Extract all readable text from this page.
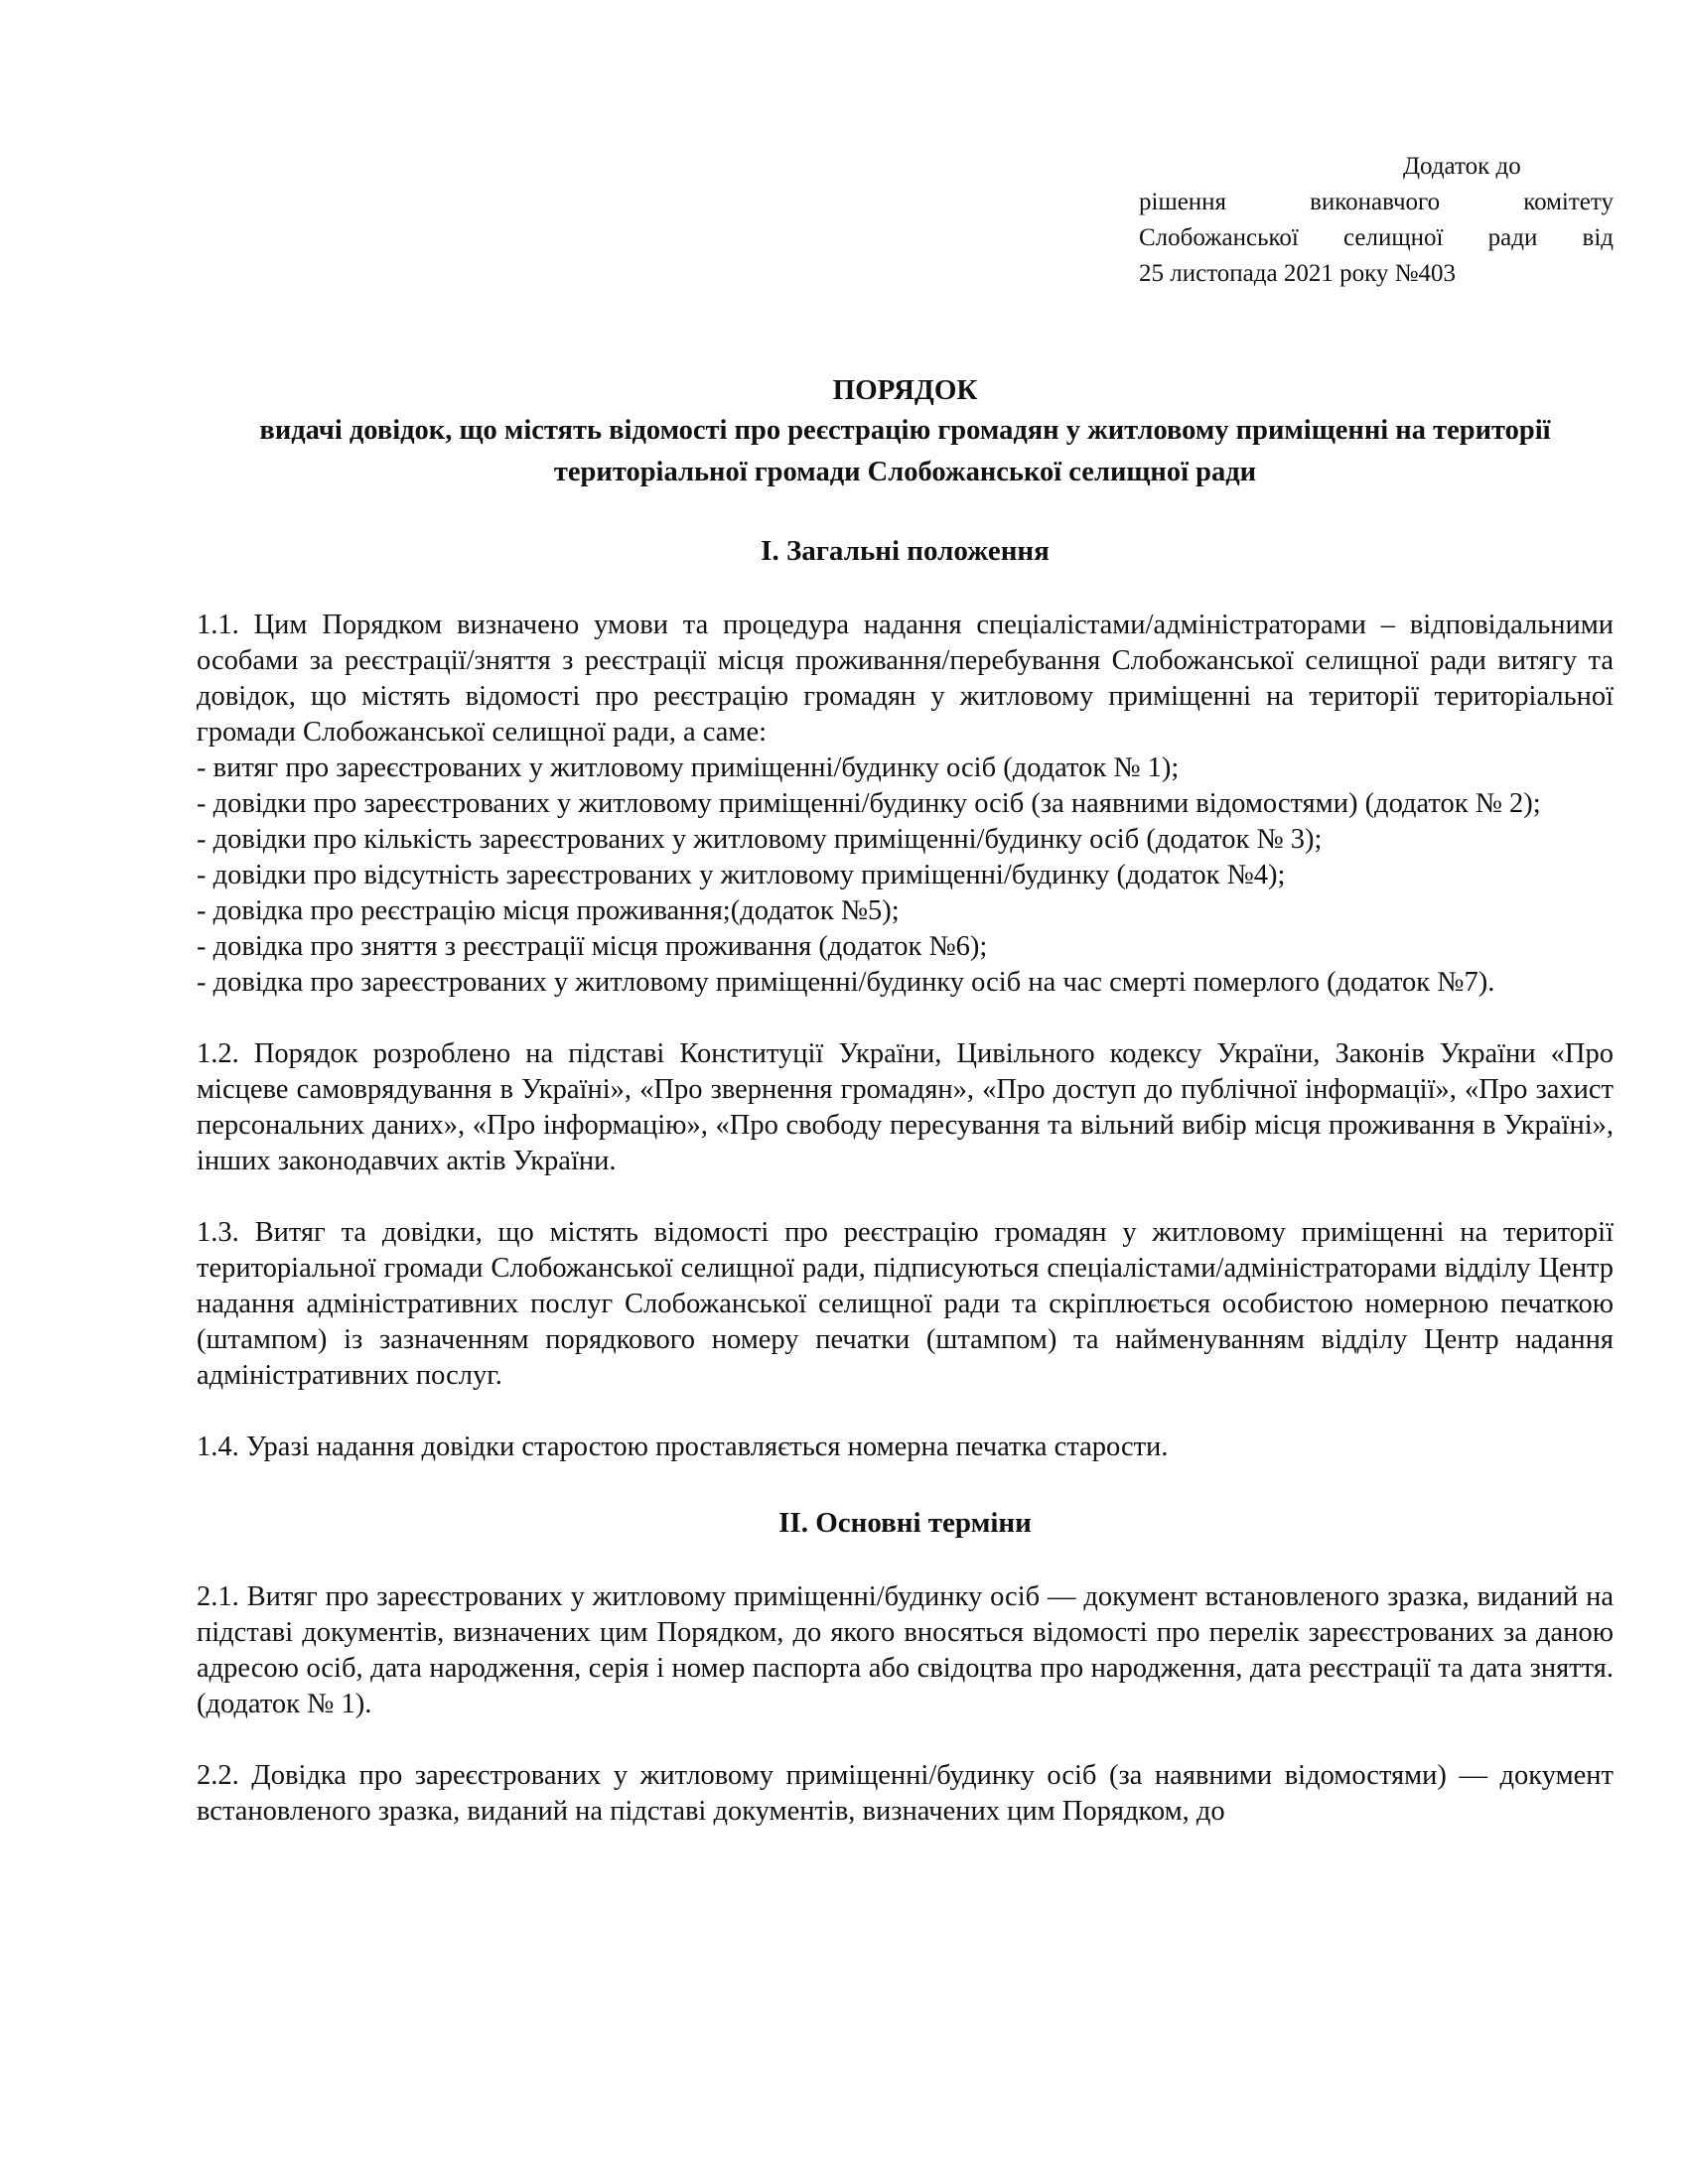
Додаток до
рішення виконавчого комітету
Слобожанської селищної ради від
25 листопада 2021 року №403

ПОРЯДОК

видачі довідок, що містять відомості про реєстрацію громадян у житловому приміщенні на території територіальної громади Слобожанської селищної ради

І. Загальні положення

1.1. Цим Порядком визначено умови та процедура надання спеціалістами/адміністраторами – відповідальними особами за реєстрації/зняття з реєстрації місця проживання/перебування Слобожанської селищної ради витягу та довідок, що містять відомості про реєстрацію громадян у житловому приміщенні на території територіальної громади Слобожанської селищної ради, а саме:

- витяг про зареєстрованих у житловому приміщенні/будинку осіб (додаток № 1);

- довідки про зареєстрованих у житловому приміщенні/будинку осіб (за наявними відомостями) (додаток № 2);

- довідки про кількість зареєстрованих у житловому приміщенні/будинку осіб (додаток № 3);

- довідки про відсутність зареєстрованих у житловому приміщенні/будинку (додаток №4);

- довідка про реєстрацію місця проживання;(додаток №5);

- довідка про зняття з реєстрації місця проживання (додаток №6);

- довідка про зареєстрованих у житловому приміщенні/будинку осіб на час смерті померлого (додаток №7).

1.2. Порядок розроблено на підставі Конституції України, Цивільного кодексу України, Законів України «Про місцеве самоврядування в Україні», «Про звернення громадян», «Про доступ до публічної інформації», «Про захист персональних даних», «Про інформацію», «Про свободу пересування та вільний вибір місця проживання в Україні», інших законодавчих актів України.

1.3. Витяг та довідки, що містять відомості про реєстрацію громадян у житловому приміщенні на території територіальної громади Слобожанської селищної ради, підписуються спеціалістами/адміністраторами відділу Центр надання адміністративних послуг Слобожанської селищної ради та скріплюється особистою номерною печаткою (штампом) із зазначенням порядкового номеру печатки (штампом) та найменуванням відділу Центр надання адміністративних послуг.

1.4. Уразі надання довідки старостою проставляється номерна печатка старости.

ІІ. Основні терміни

2.1. Витяг про зареєстрованих у житловому приміщенні/будинку осіб — документ встановленого зразка, виданий на підставі документів, визначених цим Порядком, до якого вносяться відомості про перелік зареєстрованих за даною адресою осіб, дата народження, серія і номер паспорта або свідоцтва про народження, дата реєстрації та дата зняття. (додаток № 1).

2.2. Довідка про зареєстрованих у житловому приміщенні/будинку осіб (за наявними відомостями) — документ встановленого зразка, виданий на підставі документів, визначених цим Порядком, до
